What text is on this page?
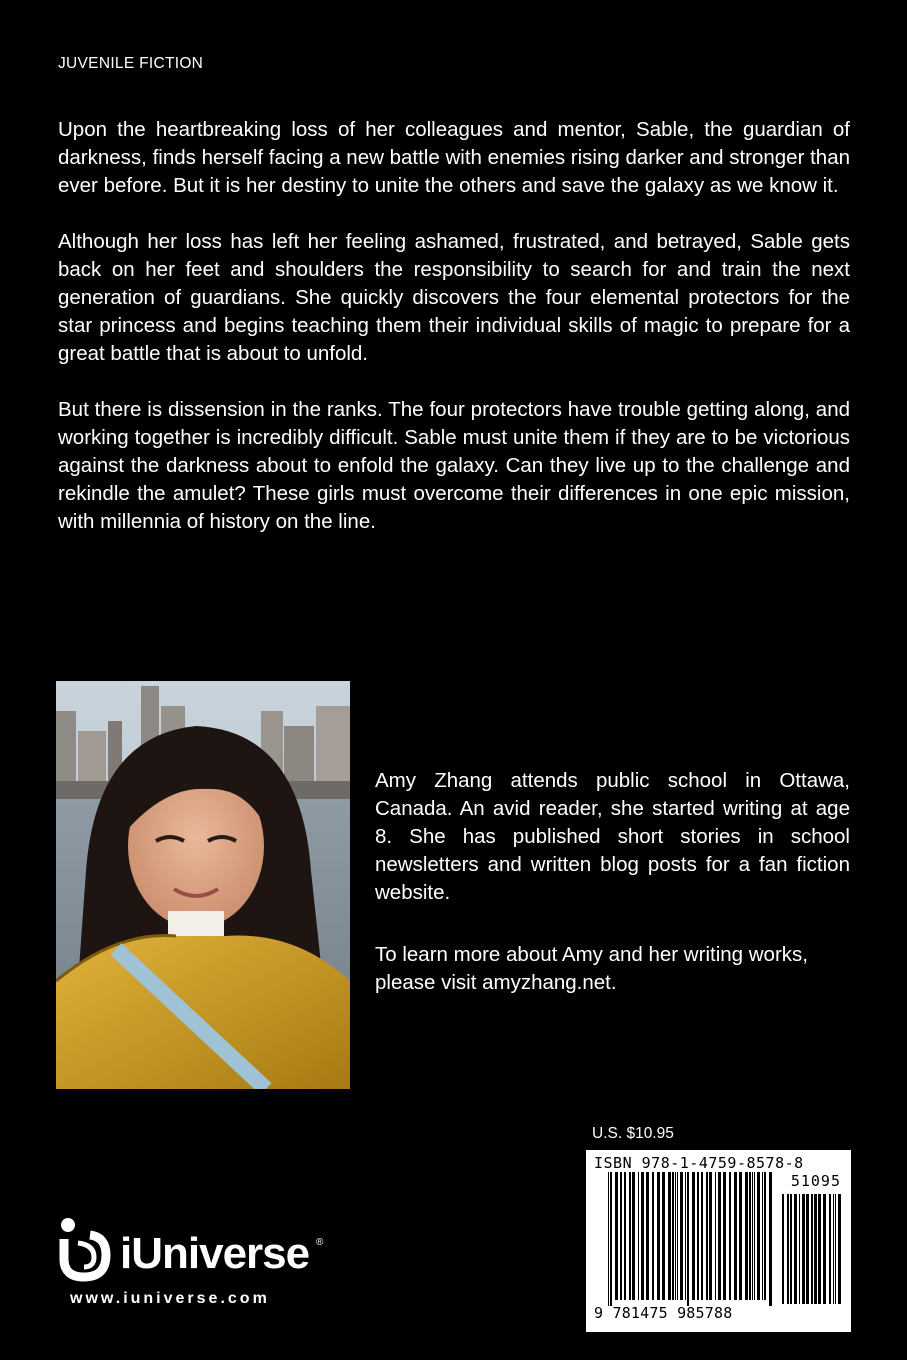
JUVENILE FICTION

Upon the heartbreaking loss of her colleagues and mentor, Sable, the guardian of darkness, finds herself facing a new battle with enemies rising darker and stronger than ever before. But it is her destiny to unite the others and save the galaxy as we know it.

Although her loss has left her feeling ashamed, frustrated, and betrayed, Sable gets back on her feet and shoulders the responsibility to search for and train the next generation of guardians. She quickly discovers the four elemental protectors for the star princess and begins teaching them their individual skills of magic to prepare for a great battle that is about to unfold.

But there is dissension in the ranks. The four protectors have trouble getting along, and working together is incredibly difficult. Sable must unite them if they are to be victorious against the darkness about to enfold the galaxy. Can they live up to the challenge and rekindle the amulet? These girls must overcome their differences in one epic mission, with millennia of history on the line.

Amy Zhang attends public school in Ottawa, Canada. An avid reader, she started writing at age 8. She has published short stories in school newsletters and written blog posts for a fan fiction website.

To learn more about Amy and her writing works, please visit amyzhang.net.

U.S. $10.95
ISBN 978-1-4759-8578-8
51095
9 781475 985788
iUniverse ®
www.iuniverse.com
